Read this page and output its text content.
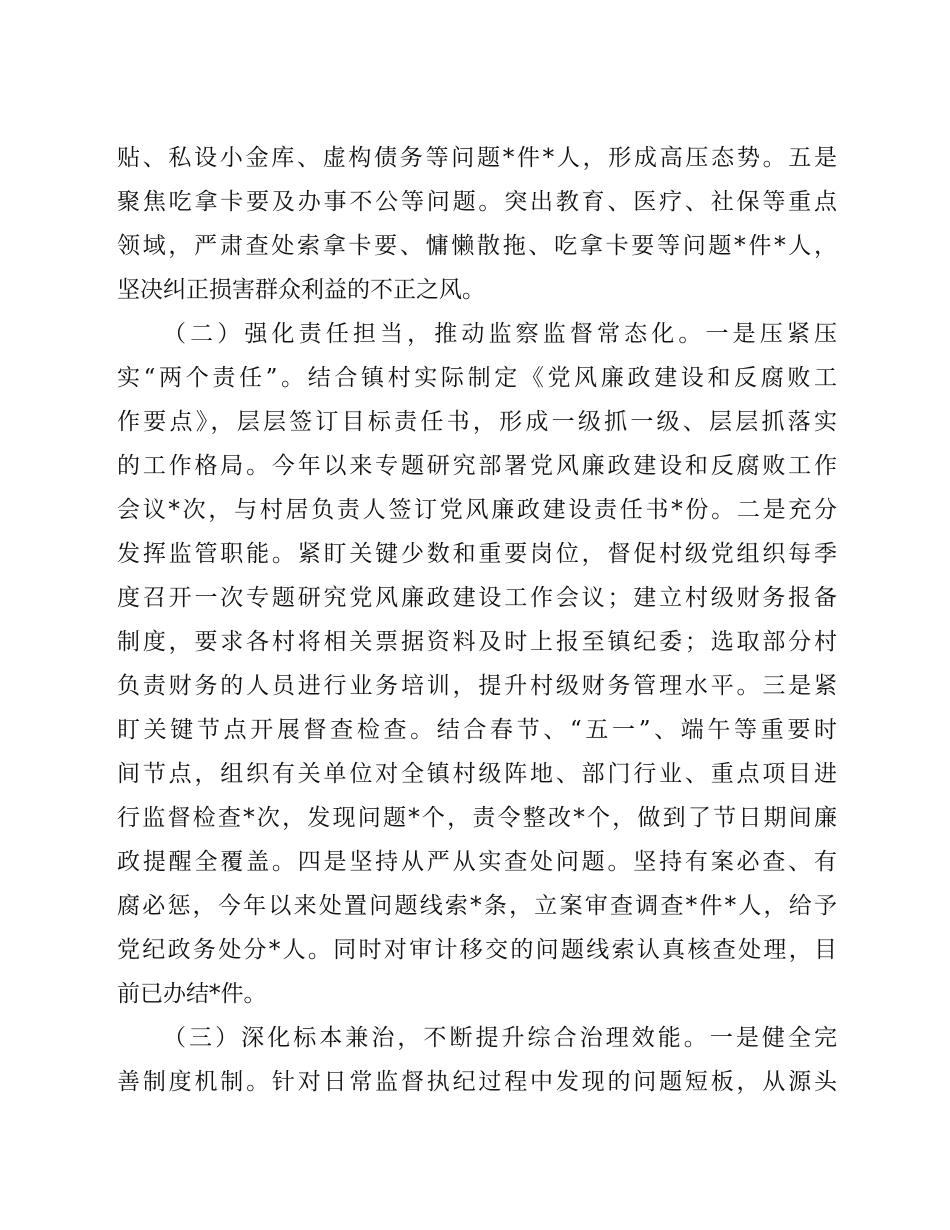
贴、私设小金库、虚构债务等问题*件*人，形成高压态势。五是
聚焦吃拿卡要及办事不公等问题。突出教育、医疗、社保等重点
领域，严肃查处索拿卡要、慵懒散拖、吃拿卡要等问题*件*人，
坚决纠正损害群众利益的不正之风。
（二）强化责任担当，推动监察监督常态化。一是压紧压
实“两个责任”。结合镇村实际制定《党风廉政建设和反腐败工
作要点》，层层签订目标责任书，形成一级抓一级、层层抓落实
的工作格局。今年以来专题研究部署党风廉政建设和反腐败工作
会议*次，与村居负责人签订党风廉政建设责任书*份。二是充分
发挥监管职能。紧盯关键少数和重要岗位，督促村级党组织每季
度召开一次专题研究党风廉政建设工作会议；建立村级财务报备
制度，要求各村将相关票据资料及时上报至镇纪委；选取部分村
负责财务的人员进行业务培训，提升村级财务管理水平。三是紧
盯关键节点开展督查检查。结合春节、“五一”、端午等重要时
间节点，组织有关单位对全镇村级阵地、部门行业、重点项目进
行监督检查*次，发现问题*个，责令整改*个，做到了节日期间廉
政提醒全覆盖。四是坚持从严从实查处问题。坚持有案必查、有
腐必惩，今年以来处置问题线索*条，立案审查调查*件*人，给予
党纪政务处分*人。同时对审计移交的问题线索认真核查处理，目
前已办结*件。
（三）深化标本兼治，不断提升综合治理效能。一是健全完
善制度机制。针对日常监督执纪过程中发现的问题短板，从源头
